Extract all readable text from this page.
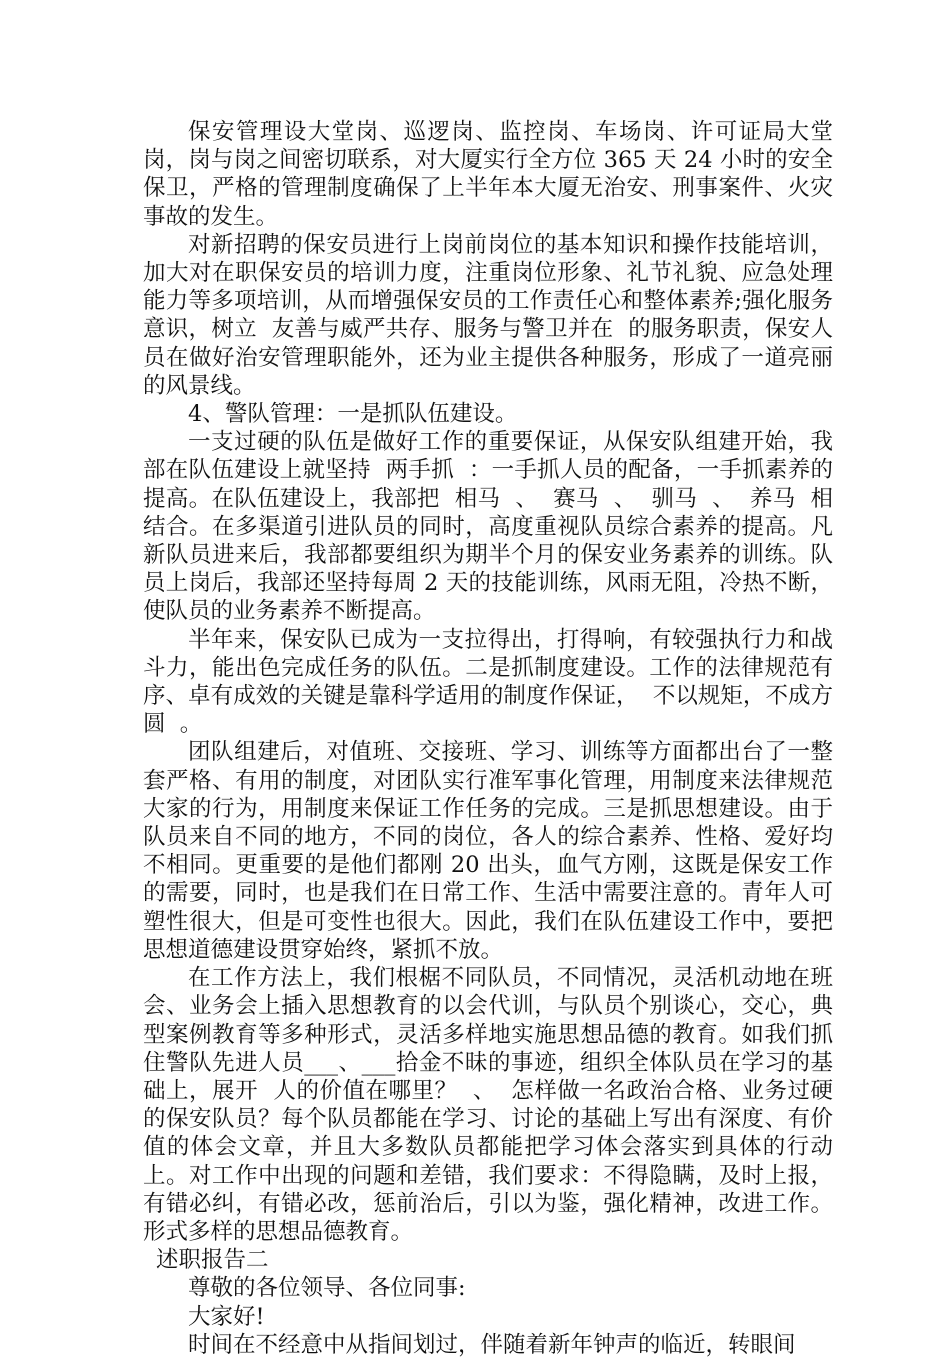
保安管理设大堂岗、巡逻岗、监控岗、车场岗、许可证局大堂岗，岗与岗之间密切联系，对大厦实行全方位 365 天 24 小时的安全保卫，严格的管理制度确保了上半年本大厦无治安、刑事案件、火灾事故的发生。

对新招聘的保安员进行上岗前岗位的基本知识和操作技能培训，加大对在职保安员的培训力度，注重岗位形象、礼节礼貌、应急处理能力等多项培训，从而增强保安员的工作责任心和整体素养;强化服务意识，树立  友善与威严共存、服务与警卫并在  的服务职责，保安人员在做好治安管理职能外，还为业主提供各种服务，形成了一道亮丽的风景线。

4、警队管理：一是抓队伍建设。

一支过硬的队伍是做好工作的重要保证，从保安队组建开始，我部在队伍建设上就坚持  两手抓  ：一手抓人员的配备，一手抓素养的提高。在队伍建设上，我部把  相马  、  赛马  、  驯马  、  养马  相结合。在多渠道引进队员的同时，高度重视队员综合素养的提高。凡新队员进来后，我部都要组织为期半个月的保安业务素养的训练。队员上岗后，我部还坚持每周 2 天的技能训练，风雨无阻，冷热不断，使队员的业务素养不断提高。

半年来，保安队已成为一支拉得出，打得响，有较强执行力和战斗力，能出色完成任务的队伍。二是抓制度建设。工作的法律规范有序、卓有成效的关键是靠科学适用的制度作保证，  不以规矩，不成方圆  。

团队组建后，对值班、交接班、学习、训练等方面都出台了一整套严格、有用的制度，对团队实行准军事化管理，用制度来法律规范大家的行为，用制度来保证工作任务的完成。三是抓思想建设。由于队员来自不同的地方，不同的岗位，各人的综合素养、性格、爱好均不相同。更重要的是他们都刚 20 出头，血气方刚，这既是保安工作的需要，同时，也是我们在日常工作、生活中需要注意的。青年人可塑性很大，但是可变性也很大。因此，我们在队伍建设工作中，要把思想道德建设贯穿始终，紧抓不放。

在工作方法上，我们根椐不同队员，不同情况，灵活机动地在班会、业务会上插入思想教育的以会代训，与队员个别谈心，交心，典型案例教育等多种形式，灵活多样地实施思想品德的教育。如我们抓住警队先进人员___、___拾金不昧的事迹，组织全体队员在学习的基础上，展开  人的价值在哪里？  、  怎样做一名政治合格、业务过硬的保安队员？每个队员都能在学习、讨论的基础上写出有深度、有价值的体会文章，并且大多数队员都能把学习体会落实到具体的行动上。对工作中出现的问题和差错，我们要求：不得隐瞒，及时上报，有错必纠，有错必改，惩前治后，引以为鉴，强化精神，改进工作。形式多样的思想品德教育。

述职报告二

尊敬的各位领导、各位同事:

大家好!

时间在不经意中从指间划过，伴随着新年钟声的临近，转眼间
